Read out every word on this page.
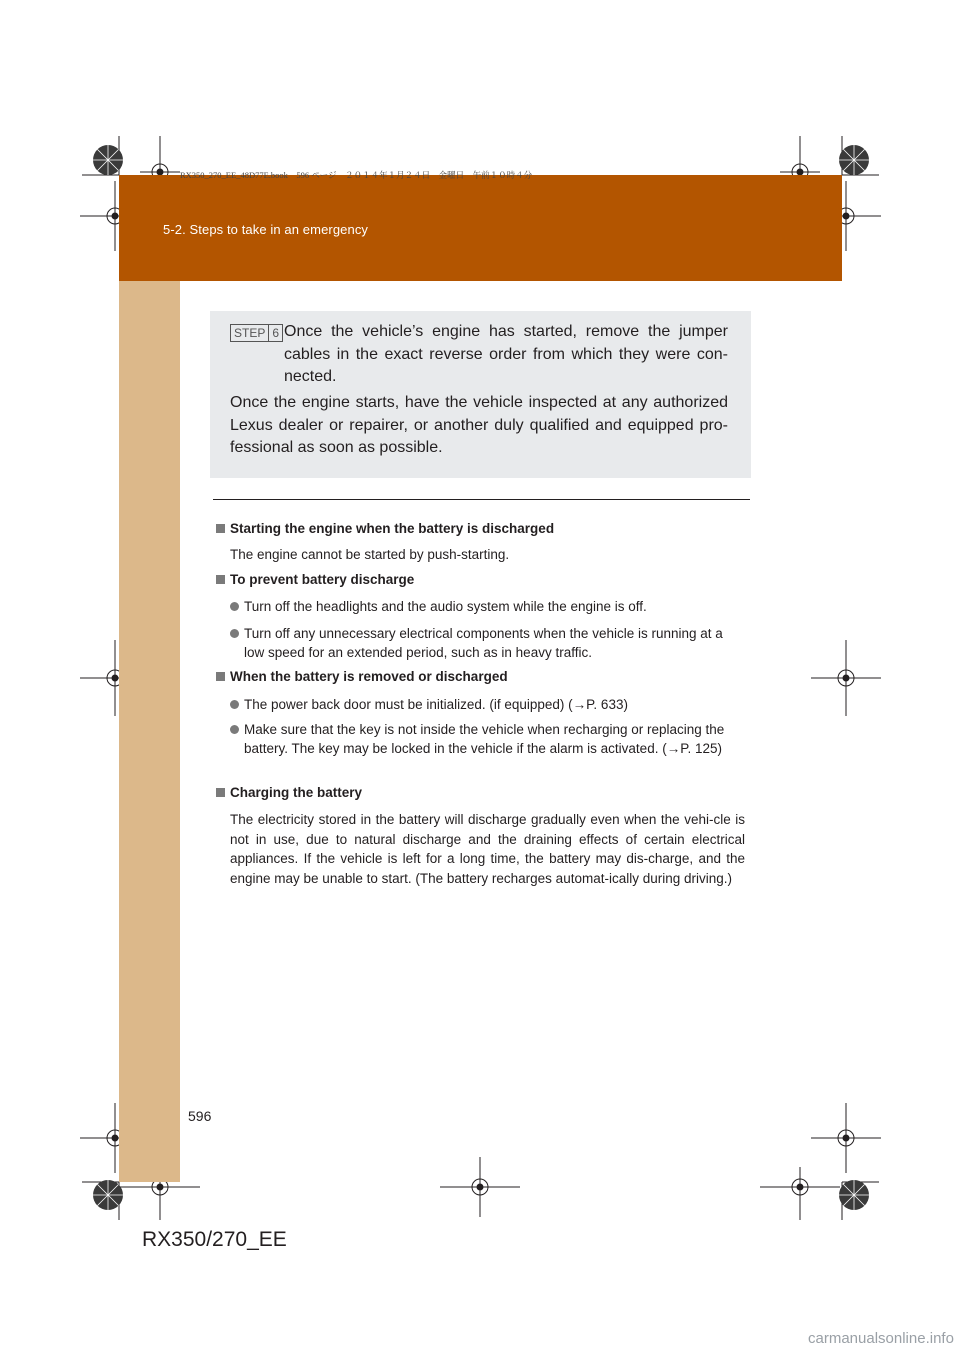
5-2. Steps to take in an emergency
RX350_270_EE_48D77E.book　596 ページ　２０１４年１月２４日　金曜日　午前１０時４分
STEP 6 Once the vehicle’s engine has started, remove the jumper cables in the exact reverse order from which they were con-nected.
Once the engine starts, have the vehicle inspected at any authorized Lexus dealer or repairer, or another duly qualified and equipped pro-fessional as soon as possible.
Starting the engine when the battery is discharged
The engine cannot be started by push-starting.
To prevent battery discharge
Turn off the headlights and the audio system while the engine is off.
Turn off any unnecessary electrical components when the vehicle is running at a low speed for an extended period, such as in heavy traffic.
When the battery is removed or discharged
The power back door must be initialized. (if equipped) (→P. 633)
Make sure that the key is not inside the vehicle when recharging or replacing the battery. The key may be locked in the vehicle if the alarm is activated. (→P. 125)
Charging the battery
The electricity stored in the battery will discharge gradually even when the vehi-cle is not in use, due to natural discharge and the draining effects of certain electrical appliances. If the vehicle is left for a long time, the battery may dis-charge, and the engine may be unable to start. (The battery recharges automat-ically during driving.)
596
RX350/270_EE
carmanualsonline.info
